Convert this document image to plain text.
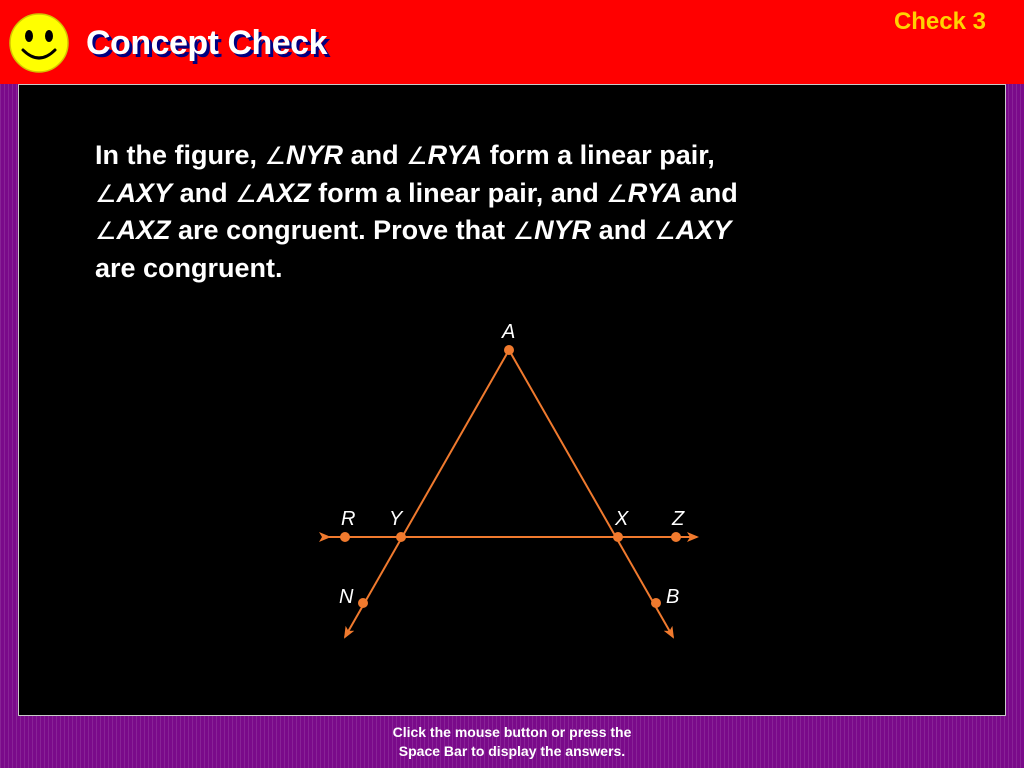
Concept Check
Check 3

In the figure, ∠NYR and ∠RYA form a linear pair,
∠AXY and ∠AXZ form a linear pair, and ∠RYA and
∠AXZ are congruent. Prove that ∠NYR and ∠AXY
are congruent.

A
R Y	X Z
N	B
Click the mouse button or press the
Space Bar to display the answers.
